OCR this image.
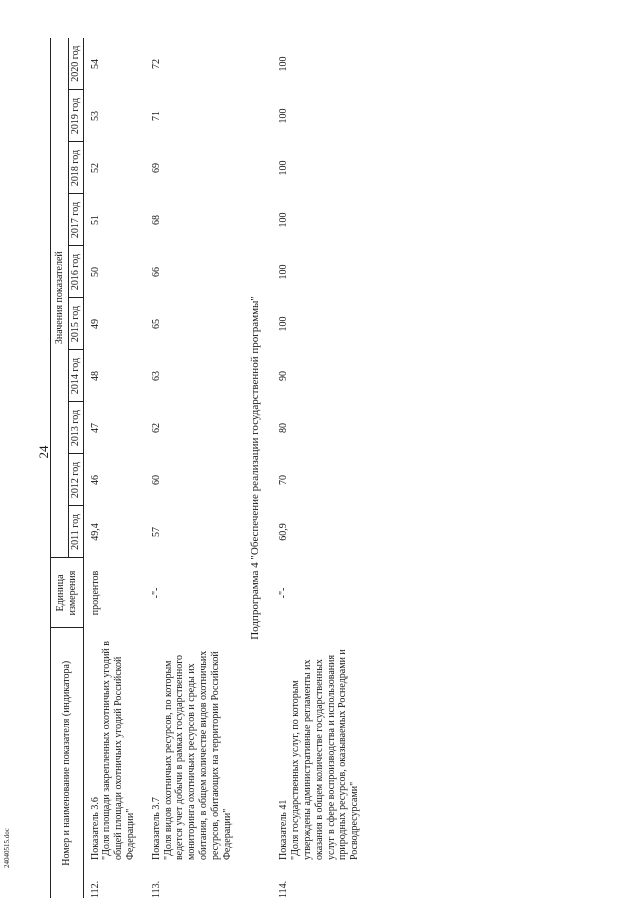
24
24040515.doc	Номер и наименование показателя (индикатора)		Единица измерения	Значения показателей									
			2011 год	2012 год	2013 год	2014 год	2015 год	2016 год	2017 год	2018 год	2019 год	2020 год
112.	Показатель 3.6 "Доля площади закрепленных охотничьих угодий в общей площади охотничьих угодий Российской Федерации"	процентов	49,4	46	47	48	49	50	51	52	53	54
113.	Показатель 3.7 "Доля видов охотничьих ресурсов, по которым ведется учет добычи в рамках государственного мониторинга охотничьих ресурсов и среды их обитания, в общем количестве видов охотничьих ресурсов, обитающих на территории Российской Федерации"	-"-	57	60	62	63	65	66	68	69	71	72
Подпрограмма 4 "Обеспечение реализации государственной программы"												
114.	Показатель 41 "Доля государственных услуг, по которым утверждены административные регламенты их оказания в общем количестве государственных услуг в сфере воспроизводства и использования природных ресурсов, оказываемых Роснедрами и Росводресурсами"	-"-	60,9	70	80	90	100	100	100	100	100	100
